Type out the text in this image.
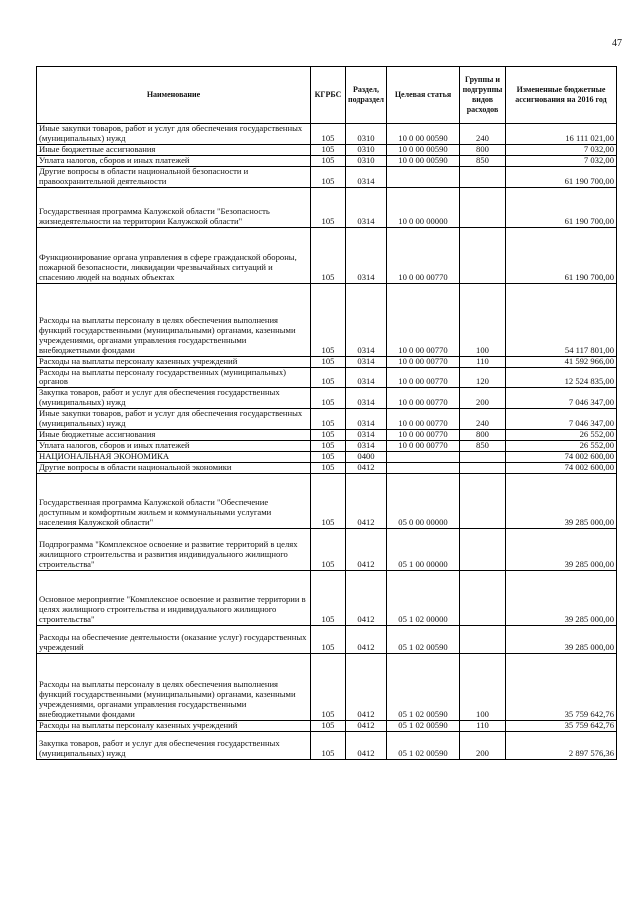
47
Наименование	КГРБС	Раздел, подраздел	Целевая статья	Группы и подгруппы видов расходов	Измененные бюджетные ассигнования на 2016 год
Иные закупки товаров, работ и услуг для обеспечения государственных (муниципальных) нужд	105	0310	10 0 00 00590	240	16 111 021,00
Иные бюджетные ассигнования	105	0310	10 0 00 00590	800	7 032,00
Уплата налогов, сборов и иных платежей	105	0310	10 0 00 00590	850	7 032,00
Другие вопросы в области национальной безопасности и правоохранительной деятельности	105	0314			61 190 700,00
Государственная программа Калужской области "Безопасность жизнедеятельности на территории Калужской области"	105	0314	10 0 00 00000		61 190 700,00
Функционирование органа управления в сфере гражданской обороны, пожарной безопасности, ликвидации чрезвычайных ситуаций и спасению людей на водных объектах	105	0314	10 0 00 00770		61 190 700,00
Расходы на выплаты персоналу в целях обеспечения выполнения функций государственными (муниципальными) органами, казенными учреждениями, органами управления государственными внебюджетными фондами	105	0314	10 0 00 00770	100	54 117 801,00
Расходы на выплаты персоналу казенных учреждений	105	0314	10 0 00 00770	110	41 592 966,00
Расходы на выплаты персоналу государственных (муниципальных) органов	105	0314	10 0 00 00770	120	12 524 835,00
Закупка товаров, работ и услуг для обеспечения государственных (муниципальных) нужд	105	0314	10 0 00 00770	200	7 046 347,00
Иные закупки товаров, работ и услуг для обеспечения государственных (муниципальных) нужд	105	0314	10 0 00 00770	240	7 046 347,00
Иные бюджетные ассигнования	105	0314	10 0 00 00770	800	26 552,00
Уплата налогов, сборов и иных платежей	105	0314	10 0 00 00770	850	26 552,00
НАЦИОНАЛЬНАЯ ЭКОНОМИКА	105	0400			74 002 600,00
Другие вопросы в области национальной экономики	105	0412			74 002 600,00
Государственная программа Калужской области "Обеспечение доступным и комфортным жильем и коммунальными услугами населения Калужской области"	105	0412	05 0 00 00000		39 285 000,00
Подпрограмма "Комплексное освоение и развитие территорий в целях жилищного строительства и развития индивидуального жилищного строительства"	105	0412	05 1 00 00000		39 285 000,00
Основное мероприятие "Комплексное освоение и развитие территории в целях жилищного строительства и индивидуального жилищного строительства"	105	0412	05 1 02 00000		39 285 000,00
Расходы на обеспечение деятельности (оказание услуг) государственных учреждений	105	0412	05 1 02 00590		39 285 000,00
Расходы на выплаты персоналу в целях обеспечения выполнения функций государственными (муниципальными) органами, казенными учреждениями, органами управления государственными внебюджетными фондами	105	0412	05 1 02 00590	100	35 759 642,76
Расходы на выплаты персоналу казенных учреждений	105	0412	05 1 02 00590	110	35 759 642,76
Закупка товаров, работ и услуг для обеспечения государственных (муниципальных) нужд	105	0412	05 1 02 00590	200	2 897 576,36
